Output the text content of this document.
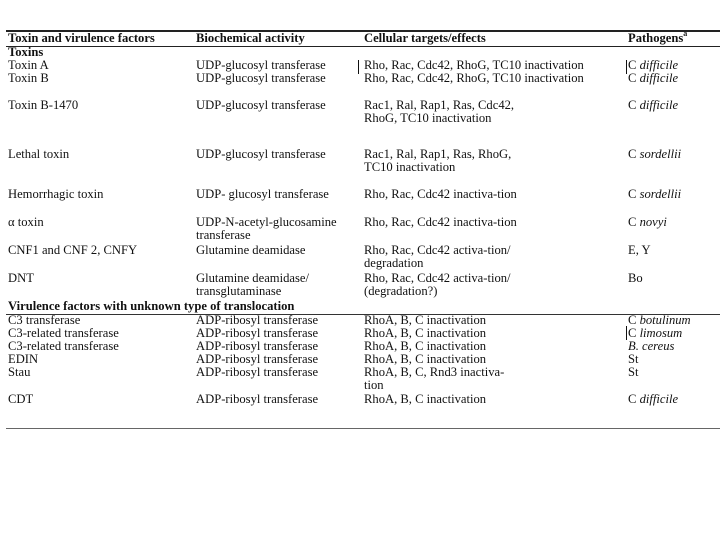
Toxin and virulence factors	Biochemical activity	Cellular targets/effects	Pathogens$^a$
Toxins			
Toxin A	UDP-glucosyl transferase	Rho, Rac, Cdc42, RhoG, TC10 inactivation	C difficile
Toxin B	UDP-glucosyl transferase	Rho, Rac, Cdc42, RhoG, TC10 inactivation	C difficile
Toxin B-1470	UDP-glucosyl transferase	Rac1, Ral, Rap1, Ras, Cdc42, RhoG, TC10 inactivation	C difficile
Lethal toxin	UDP-glucosyl transferase	Rac1, Ral, Rap1, Ras, RhoG, TC10 inactivation	C sordellii
Hemorrhagic toxin	UDP- glucosyl transferase	Rho, Rac, Cdc42 inactiva-tion	C sordellii
α toxin	UDP-N-acetyl-glucosamine transferase	Rho, Rac, Cdc42 inactiva-tion	C novyi
CNF1 and CNF 2, CNFY	Glutamine deamidase	Rho, Rac, Cdc42 activa-tion/ degradation	E, Y
DNT	Glutamine deamidase/ transglutaminase	Rho, Rac, Cdc42 activa-tion/ (degradation?)	Bo
Virulence factors with unknown type of translocation			
C3 transferase	ADP-ribosyl transferase	RhoA, B, C inactivation	C botulinum
C3-related transferase	ADP-ribosyl transferase	RhoA, B, C inactivation	C limosum
C3-related transferase	ADP-ribosyl transferase	RhoA, B, C inactivation	B. cereus
EDIN	ADP-ribosyl transferase	RhoA, B, C inactivation	St
Stau	ADP-ribosyl transferase	RhoA, B, C, Rnd3 inactiva-tion	St
CDT	ADP-ribosyl transferase	RhoA, B, C inactivation	C difficile
